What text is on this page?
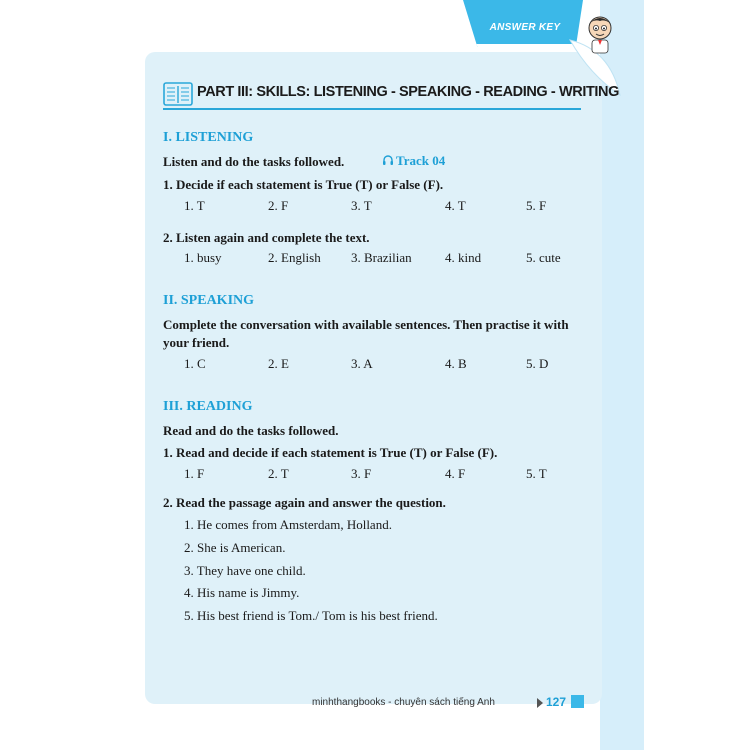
ANSWER KEY
PART III: SKILLS: LISTENING - SPEAKING - READING - WRITING
I. LISTENING
Listen and do the tasks followed.	Track 04
1. Decide if each statement is True (T) or False (F).
1. T	2. F	3. T	4. T	5. F
2. Listen again and complete the text.
1. busy	2. English 3. Brazilian	4. kind	5. cute
II. SPEAKING
Complete the conversation with available sentences. Then practise it with
your friend.
1. C	2. E	3. A	4. B	5. D
III. READING
Read and do the tasks followed.
1. Read and decide if each statement is True (T) or False (F).
1. F	2. T	3. F	4. F	5. T
2. Read the passage again and answer the question.
1. He comes from Amsterdam, Holland.
2. She is American.
3. They have one child.
4. His name is Jimmy.
5. His best friend is Tom./ Tom is his best friend.
minhthangbooks - chuyên sách tiếng Anh	127
